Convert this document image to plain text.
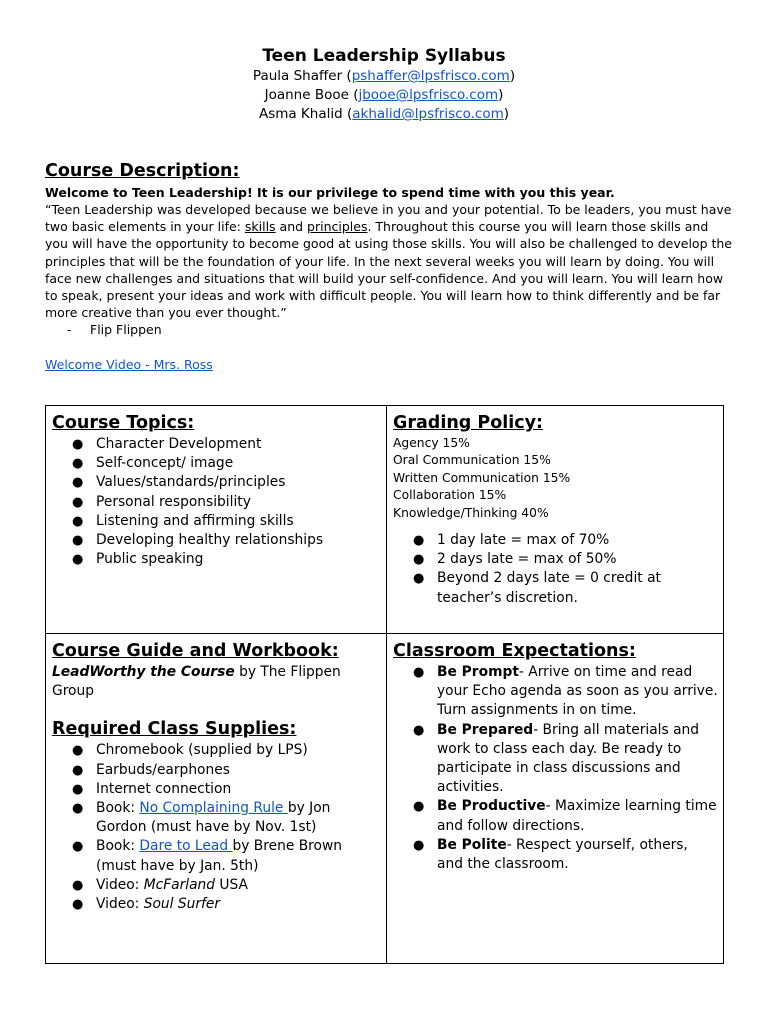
Teen Leadership Syllabus
Paula Shaffer (pshaffer@lpsfrisco.com)
Joanne Booe (jbooe@lpsfrisco.com)
Asma Khalid (akhalid@lpsfrisco.com)
Course Description:
Welcome to Teen Leadership! It is our privilege to spend time with you this year.
“Teen Leadership was developed because we believe in you and your potential. To be leaders, you must have two basic elements in your life: skills and principles. Throughout this course you will learn those skills and you will have the opportunity to become good at using those skills. You will also be challenged to develop the principles that will be the foundation of your life. In the next several weeks you will learn by doing. You will face new challenges and situations that will build your self-confidence. And you will learn. You will learn how to speak, present your ideas and work with difficult people. You will learn how to think differently and be far more creative than you ever thought.”
- Flip Flippen
Welcome Video - Mrs. Ross
Course Topics:
● Character Development
● Self-concept/ image
● Values/standards/principles
● Personal responsibility
● Listening and affirming skills
● Developing healthy relationships
● Public speaking
Grading Policy:
Agency 15%
Oral Communication 15%
Written Communication 15%
Collaboration 15%
Knowledge/Thinking 40%
● 1 day late = max of 70%
● 2 days late = max of 50%
● Beyond 2 days late = 0 credit at teacher’s discretion.
Course Guide and Workbook:
LeadWorthy the Course by The Flippen Group
Required Class Supplies:
● Chromebook (supplied by LPS)
● Earbuds/earphones
● Internet connection
● Book: No Complaining Rule by Jon Gordon (must have by Nov. 1st)
● Book: Dare to Lead by Brene Brown (must have by Jan. 5th)
● Video: McFarland USA
● Video: Soul Surfer
Classroom Expectations:
● Be Prompt- Arrive on time and read your Echo agenda as soon as you arrive. Turn assignments in on time.
● Be Prepared- Bring all materials and work to class each day. Be ready to participate in class discussions and activities.
● Be Productive- Maximize learning time and follow directions.
● Be Polite- Respect yourself, others, and the classroom.
